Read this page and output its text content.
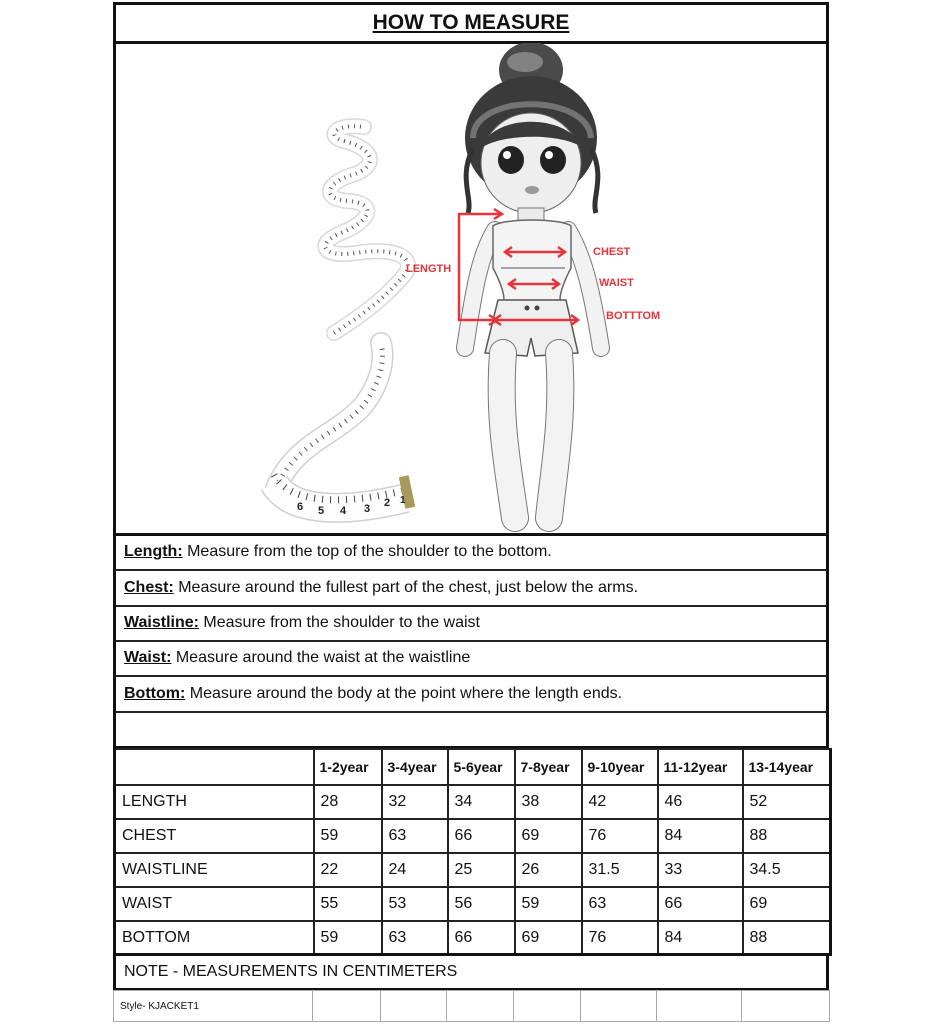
HOW TO MEASURE
6 5 4 3 2 1
LENGTH
CHEST
WAIST
BOTTTOM
Length: Measure from the top of the shoulder to the bottom.
Chest: Measure around the fullest part of the chest, just below the arms.
Waistline: Measure from the shoulder to the waist
Waist: Measure around the waist at the waistline
Bottom: Measure around the body at the point where the length ends.
	1-2year	3-4year	5-6year	7-8year	9-10year	11-12year	13-14year
LENGTH	28	32	34	38	42	46	52
CHEST	59	63	66	69	76	84	88
WAISTLINE	22	24	25	26	31.5	33	34.5
WAIST	55	53	56	59	63	66	69
BOTTOM	59	63	66	69	76	84	88
NOTE - MEASUREMENTS IN CENTIMETERS
Style- KJACKET1							
